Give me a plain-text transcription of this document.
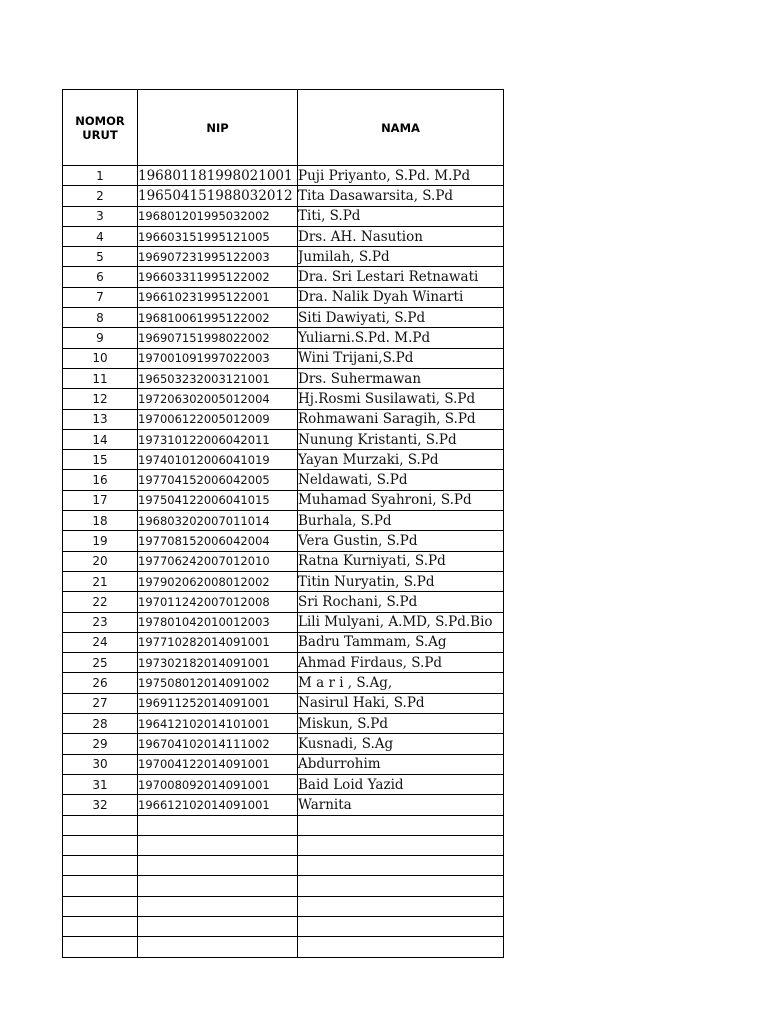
NOMOR URUT	NIP	NAMA
1	196801181998021001	Puji Priyanto, S.Pd. M.Pd
2	196504151988032012	Tita Dasawarsita, S.Pd
3	196801201995032002	Titi, S.Pd
4	196603151995121005	Drs. AH. Nasution
5	196907231995122003	Jumilah, S.Pd
6	196603311995122002	Dra. Sri Lestari Retnawati
7	196610231995122001	Dra. Nalik Dyah Winarti
8	196810061995122002	Siti Dawiyati, S.Pd
9	196907151998022002	Yuliarni.S.Pd. M.Pd
10	197001091997022003	Wini Trijani,S.Pd
11	196503232003121001	Drs. Suhermawan
12	197206302005012004	Hj.Rosmi Susilawati, S.Pd
13	197006122005012009	Rohmawani Saragih, S.Pd
14	197310122006042011	Nunung Kristanti, S.Pd
15	197401012006041019	Yayan Murzaki, S.Pd
16	197704152006042005	Neldawati, S.Pd
17	197504122006041015	Muhamad Syahroni, S.Pd
18	196803202007011014	Burhala, S.Pd
19	197708152006042004	Vera Gustin, S.Pd
20	197706242007012010	Ratna Kurniyati, S.Pd
21	197902062008012002	Titin Nuryatin, S.Pd
22	197011242007012008	Sri Rochani, S.Pd
23	197801042010012003	Lili Mulyani, A.MD, S.Pd.Bio
24	197710282014091001	Badru Tammam, S.Ag
25	197302182014091001	Ahmad Firdaus, S.Pd
26	197508012014091002	M a r i , S.Ag,
27	196911252014091001	Nasirul Haki, S.Pd
28	196412102014101001	Miskun, S.Pd
29	196704102014111002	Kusnadi, S.Ag
30	197004122014091001	Abdurrohim
31	197008092014091001	Baid Loid Yazid
32	196612102014091001	Warnita
